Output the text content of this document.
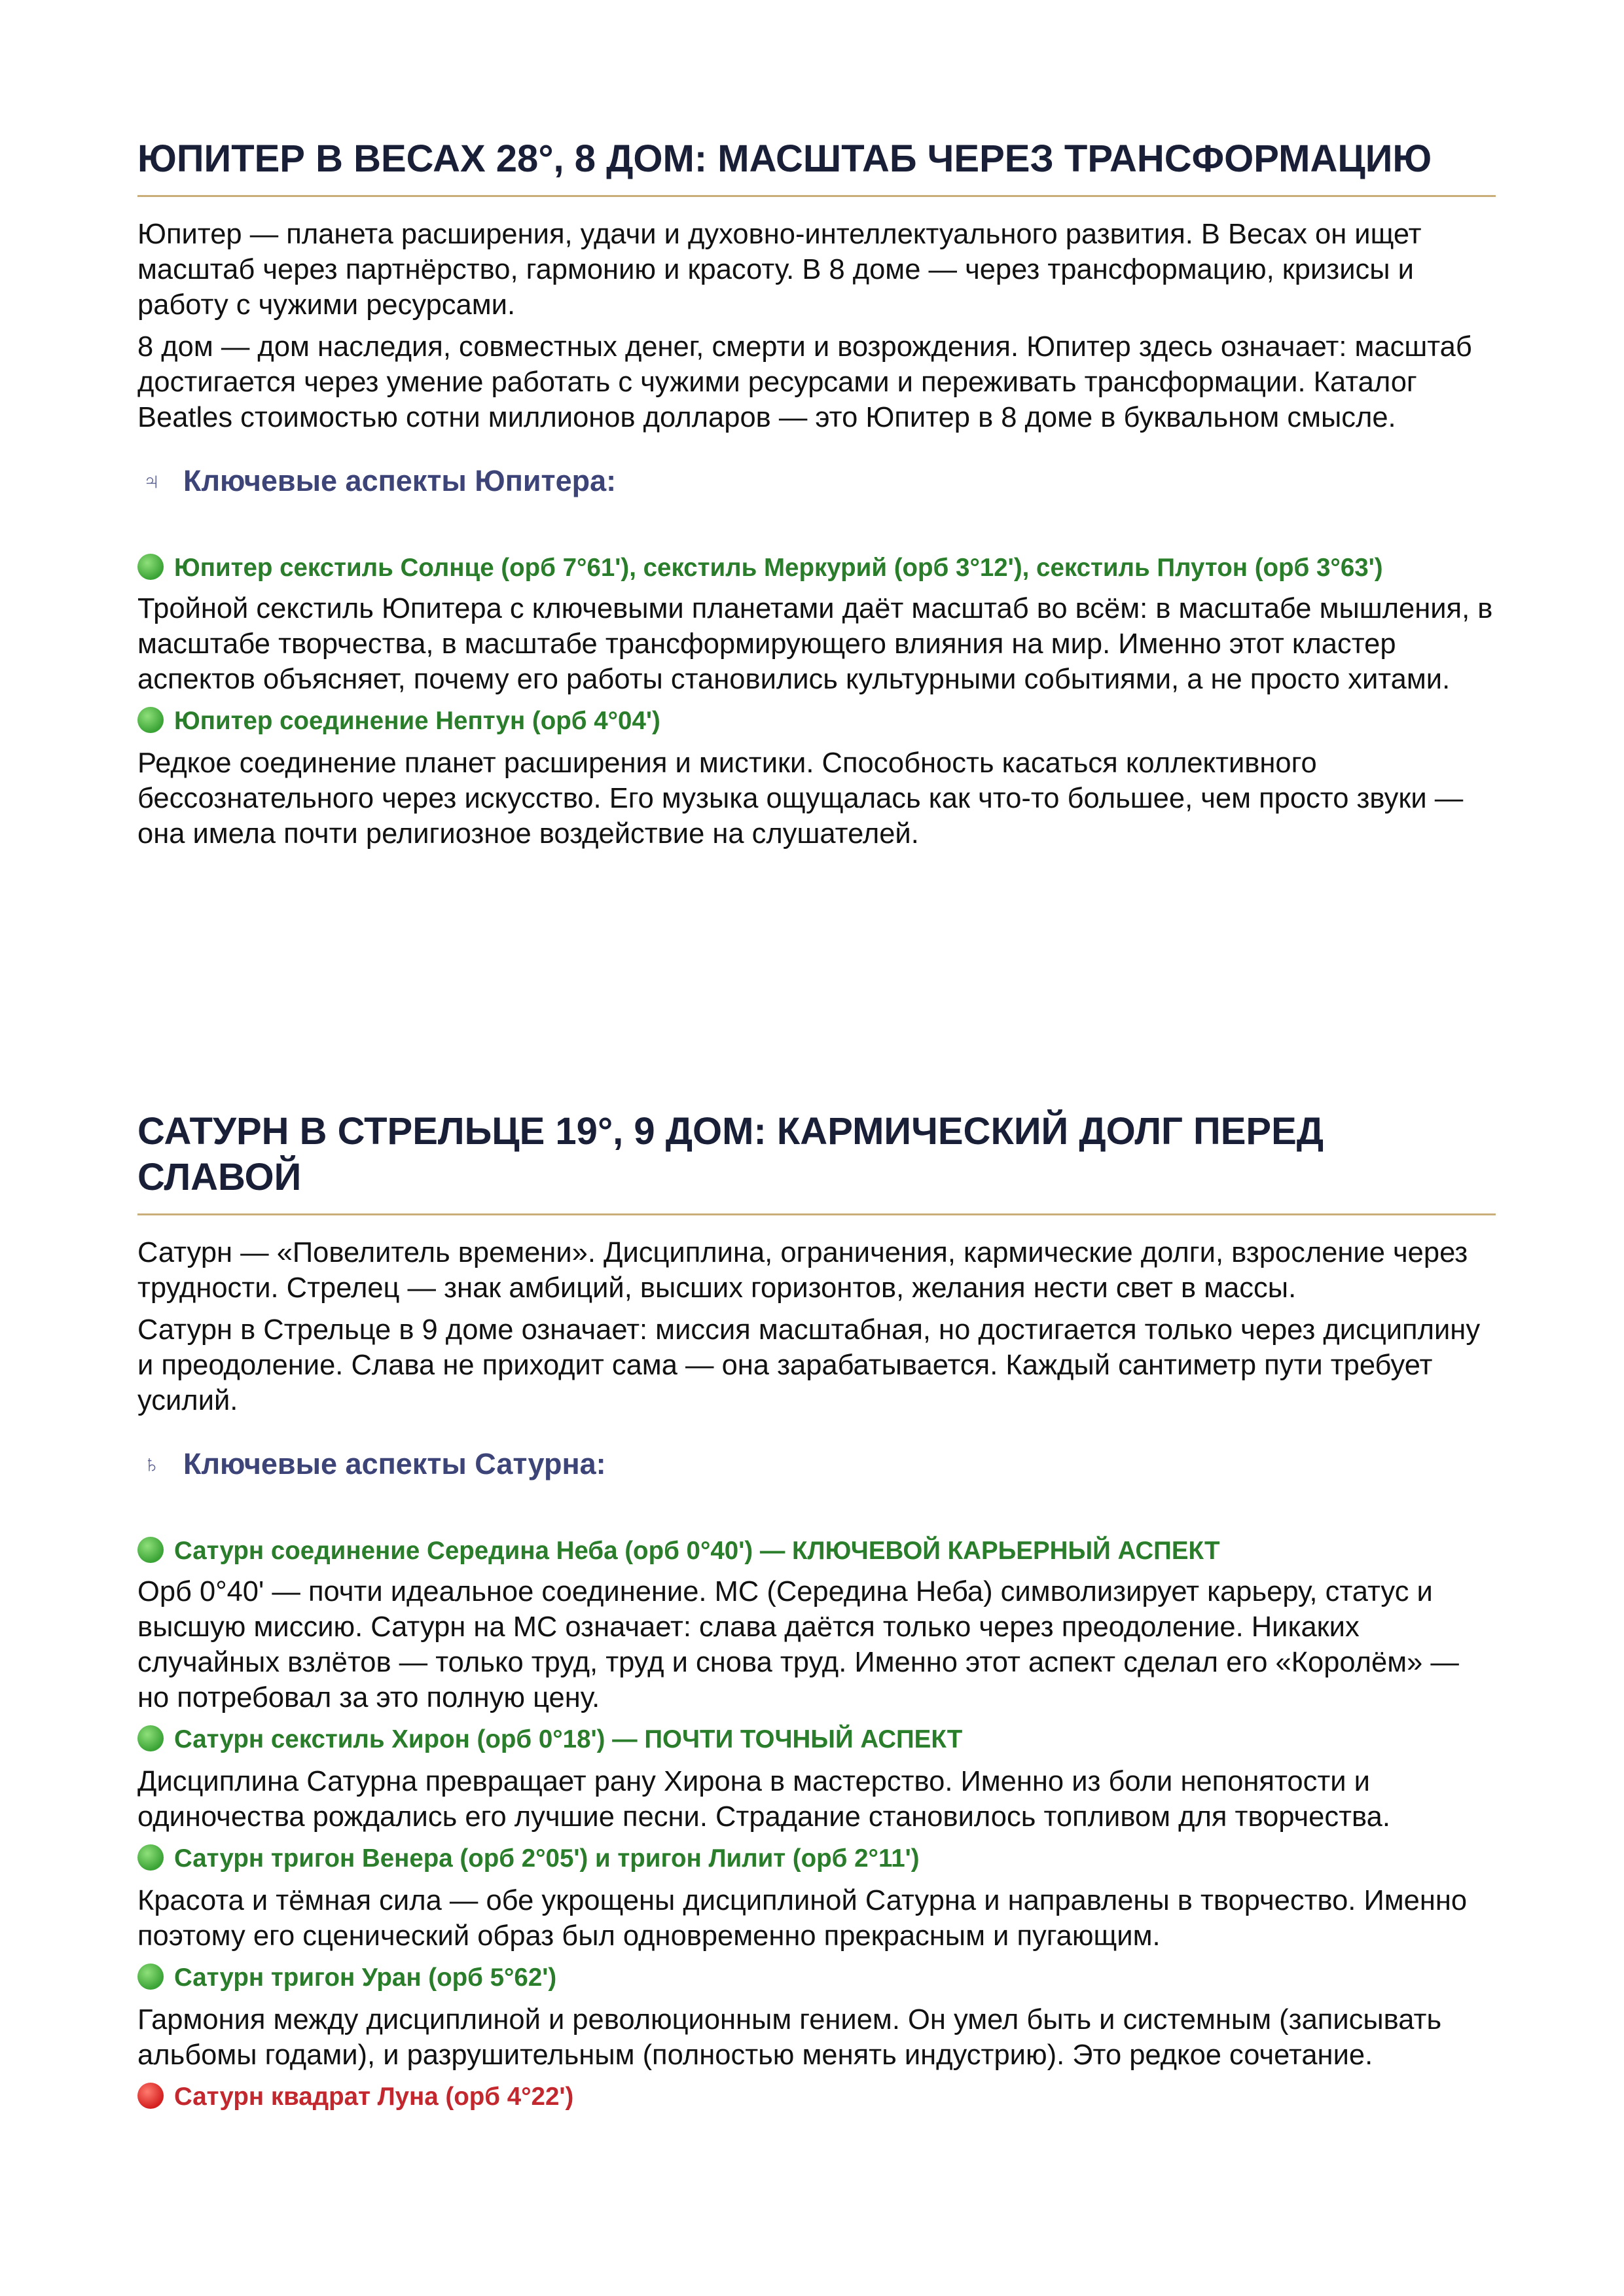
ЮПИТЕР В ВЕСАХ 28°, 8 ДОМ: МАСШТАБ ЧЕРЕЗ ТРАНСФОРМАЦИЮ

Юпитер — планета расширения, удачи и духовно-интеллектуального развития. В Весах он ищет масштаб через партнёрство, гармонию и красоту. В 8 доме — через трансформацию, кризисы и работу с чужими ресурсами.

8 дом — дом наследия, совместных денег, смерти и возрождения. Юпитер здесь означает: масштаб достигается через умение работать с чужими ресурсами и переживать трансформации. Каталог Beatles стоимостью сотни миллионов долларов — это Юпитер в 8 доме в буквальном смысле.

♃ Ключевые аспекты Юпитера:

Юпитер секстиль Солнце (орб 7°61'), секстиль Меркурий (орб 3°12'), секстиль Плутон (орб 3°63')

Тройной секстиль Юпитера с ключевыми планетами даёт масштаб во всём: в масштабе мышления, в масштабе творчества, в масштабе трансформирующего влияния на мир. Именно этот кластер аспектов объясняет, почему его работы становились культурными событиями, а не просто хитами.

Юпитер соединение Нептун (орб 4°04')

Редкое соединение планет расширения и мистики. Способность касаться коллективного бессознательного через искусство. Его музыка ощущалась как что-то большее, чем просто звуки — она имела почти религиозное воздействие на слушателей.

САТУРН В СТРЕЛЬЦЕ 19°, 9 ДОМ: КАРМИЧЕСКИЙ ДОЛГ ПЕРЕД СЛАВОЙ

Сатурн — «Повелитель времени». Дисциплина, ограничения, кармические долги, взросление через трудности. Стрелец — знак амбиций, высших горизонтов, желания нести свет в массы.

Сатурн в Стрельце в 9 доме означает: миссия масштабная, но достигается только через дисциплину и преодоление. Слава не приходит сама — она зарабатывается. Каждый сантиметр пути требует усилий.

♄ Ключевые аспекты Сатурна:

Сатурн соединение Середина Неба (орб 0°40') — КЛЮЧЕВОЙ КАРЬЕРНЫЙ АСПЕКТ

Орб 0°40' — почти идеальное соединение. MC (Середина Неба) символизирует карьеру, статус и высшую миссию. Сатурн на MC означает: слава даётся только через преодоление. Никаких случайных взлётов — только труд, труд и снова труд. Именно этот аспект сделал его «Королём» — но потребовал за это полную цену.

Сатурн секстиль Хирон (орб 0°18') — ПОЧТИ ТОЧНЫЙ АСПЕКТ

Дисциплина Сатурна превращает рану Хирона в мастерство. Именно из боли непонятости и одиночества рождались его лучшие песни. Страдание становилось топливом для творчества.

Сатурн тригон Венера (орб 2°05') и тригон Лилит (орб 2°11')

Красота и тёмная сила — обе укрощены дисциплиной Сатурна и направлены в творчество. Именно поэтому его сценический образ был одновременно прекрасным и пугающим.

Сатурн тригон Уран (орб 5°62')

Гармония между дисциплиной и революционным гением. Он умел быть и системным (записывать альбомы годами), и разрушительным (полностью менять индустрию). Это редкое сочетание.

Сатурн квадрат Луна (орб 4°22')
